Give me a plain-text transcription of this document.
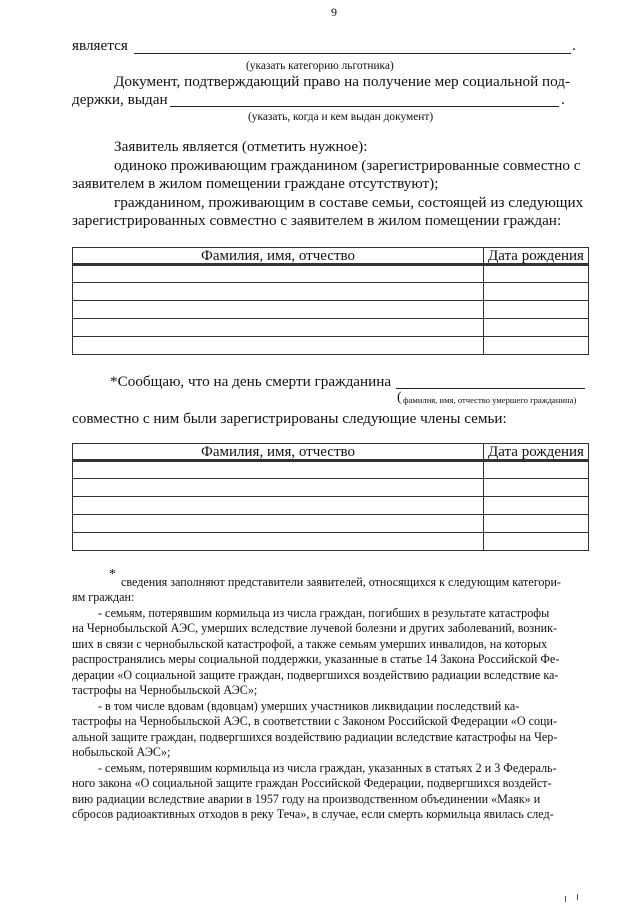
9
является	.
(указать категорию льготника)
Документ, подтверждающий право на получение мер социальной под-
держки, выдан	.
(указать, когда и кем выдан документ)
Заявитель является (отметить нужное):
одиноко проживающим гражданином (зарегистрированные совместно с
заявителем в жилом помещении граждане отсутствуют);
гражданином, проживающим в составе семьи, состоящей из следующих
зарегистрированных совместно с заявителем в жилом помещении граждан:
Фамилия, имя, отчество	Дата рождения

*Сообщаю, что на день смерти гражданина
( фамилия, имя, отчество умершего гражданина)
совместно с ним были зарегистрированы следующие члены семьи:
Фамилия, имя, отчество	Дата рождения

* сведения заполняют представители заявителей, относящихся к следующим категори-
ям граждан:
- семьям, потерявшим кормильца из числа граждан, погибших в результате катастрофы
на Чернобыльской АЭС, умерших вследствие лучевой болезни и других заболеваний, возник-
ших в связи с чернобыльской катастрофой, а также семьям умерших инвалидов, на которых
распространялись меры социальной поддержки, указанные в статье 14 Закона Российской Фе-
дерации «О социальной защите граждан, подвергшихся воздействию радиации вследствие ка-
тастрофы на Чернобыльской АЭС»;
- в том числе вдовам (вдовцам) умерших участников ликвидации последствий ка-
тастрофы на Чернобыльской АЭС, в соответствии с Законом Российской Федерации «О соци-
альной защите граждан, подвергшихся воздействию радиации вследствие катастрофы на Чер-
нобыльской АЭС»;
- семьям, потерявшим кормильца из числа граждан, указанных в статьях 2 и 3 Федераль-
ного закона «О социальной защите граждан Российской Федерации, подвергшихся воздейст-
вию радиации вследствие аварии в 1957 году на производственном объединении «Маяк» и
сбросов радиоактивных отходов в реку Теча», в случае, если смерть кормильца явилась след-
